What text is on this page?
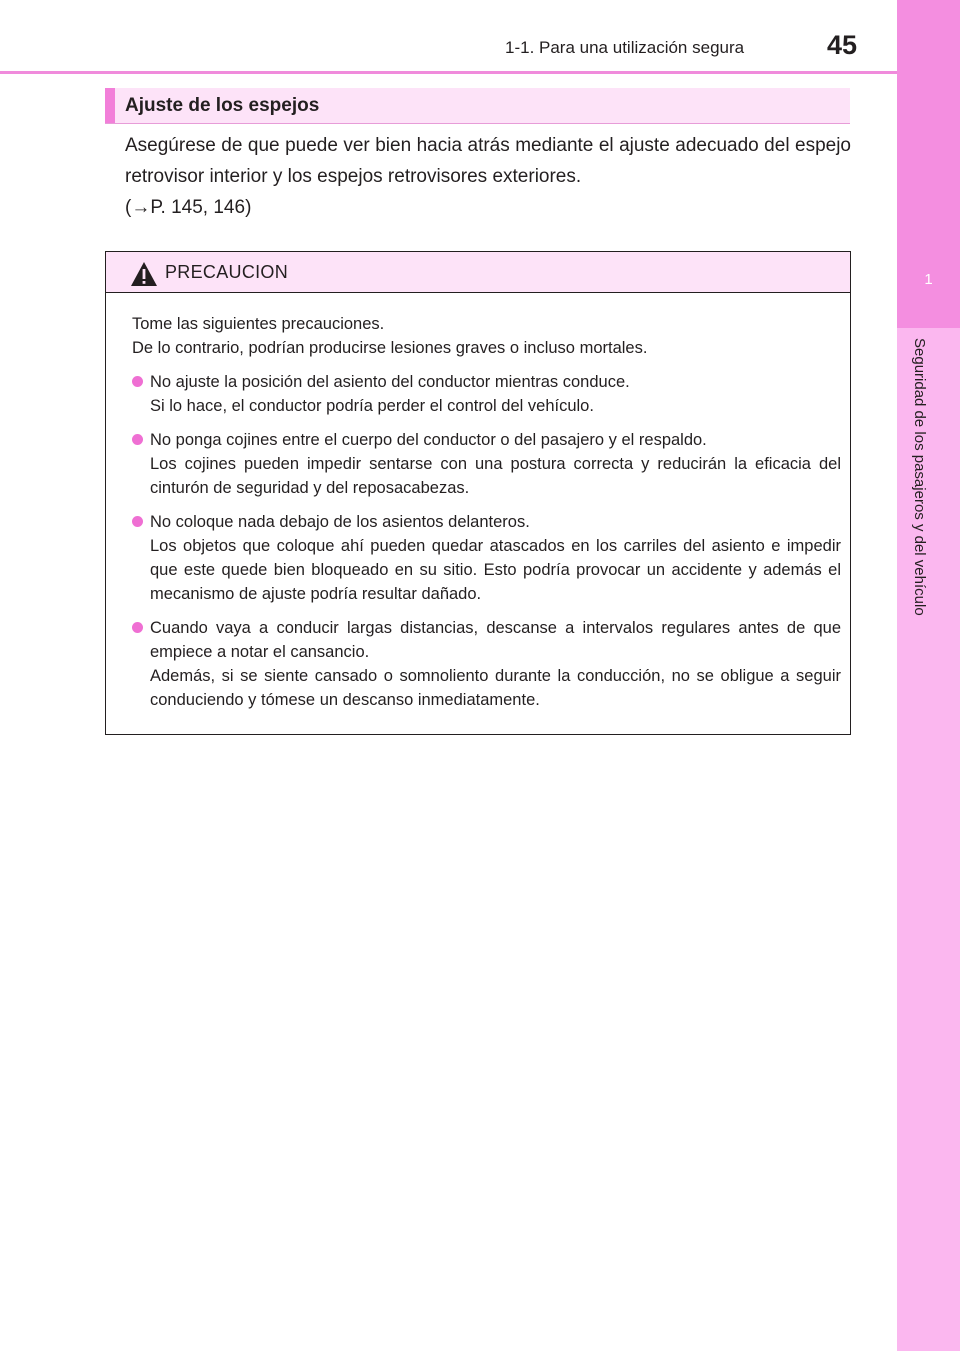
1-1. Para una utilización segura	45
1
Seguridad de los pasajeros y del vehículo
Ajuste de los espejos

Asegúrese de que puede ver bien hacia atrás mediante el ajuste adecuado del espejo retrovisor interior y los espejos retrovisores exteriores.

(→P. 145, 146)

PRECAUCION

Tome las siguientes precauciones.

De lo contrario, podrían producirse lesiones graves o incluso mortales.

No ajuste la posición del asiento del conductor mientras conduce.

Si lo hace, el conductor podría perder el control del vehículo.

No ponga cojines entre el cuerpo del conductor o del pasajero y el respaldo.

Los cojines pueden impedir sentarse con una postura correcta y reducirán la eficacia del cinturón de seguridad y del reposacabezas.

No coloque nada debajo de los asientos delanteros.

Los objetos que coloque ahí pueden quedar atascados en los carriles del asiento e impedir que este quede bien bloqueado en su sitio. Esto podría provocar un accidente y además el mecanismo de ajuste podría resultar dañado.

Cuando vaya a conducir largas distancias, descanse a intervalos regulares antes de que empiece a notar el cansancio.

Además, si se siente cansado o somnoliento durante la conducción, no se obligue a seguir conduciendo y tómese un descanso inmediatamente.
